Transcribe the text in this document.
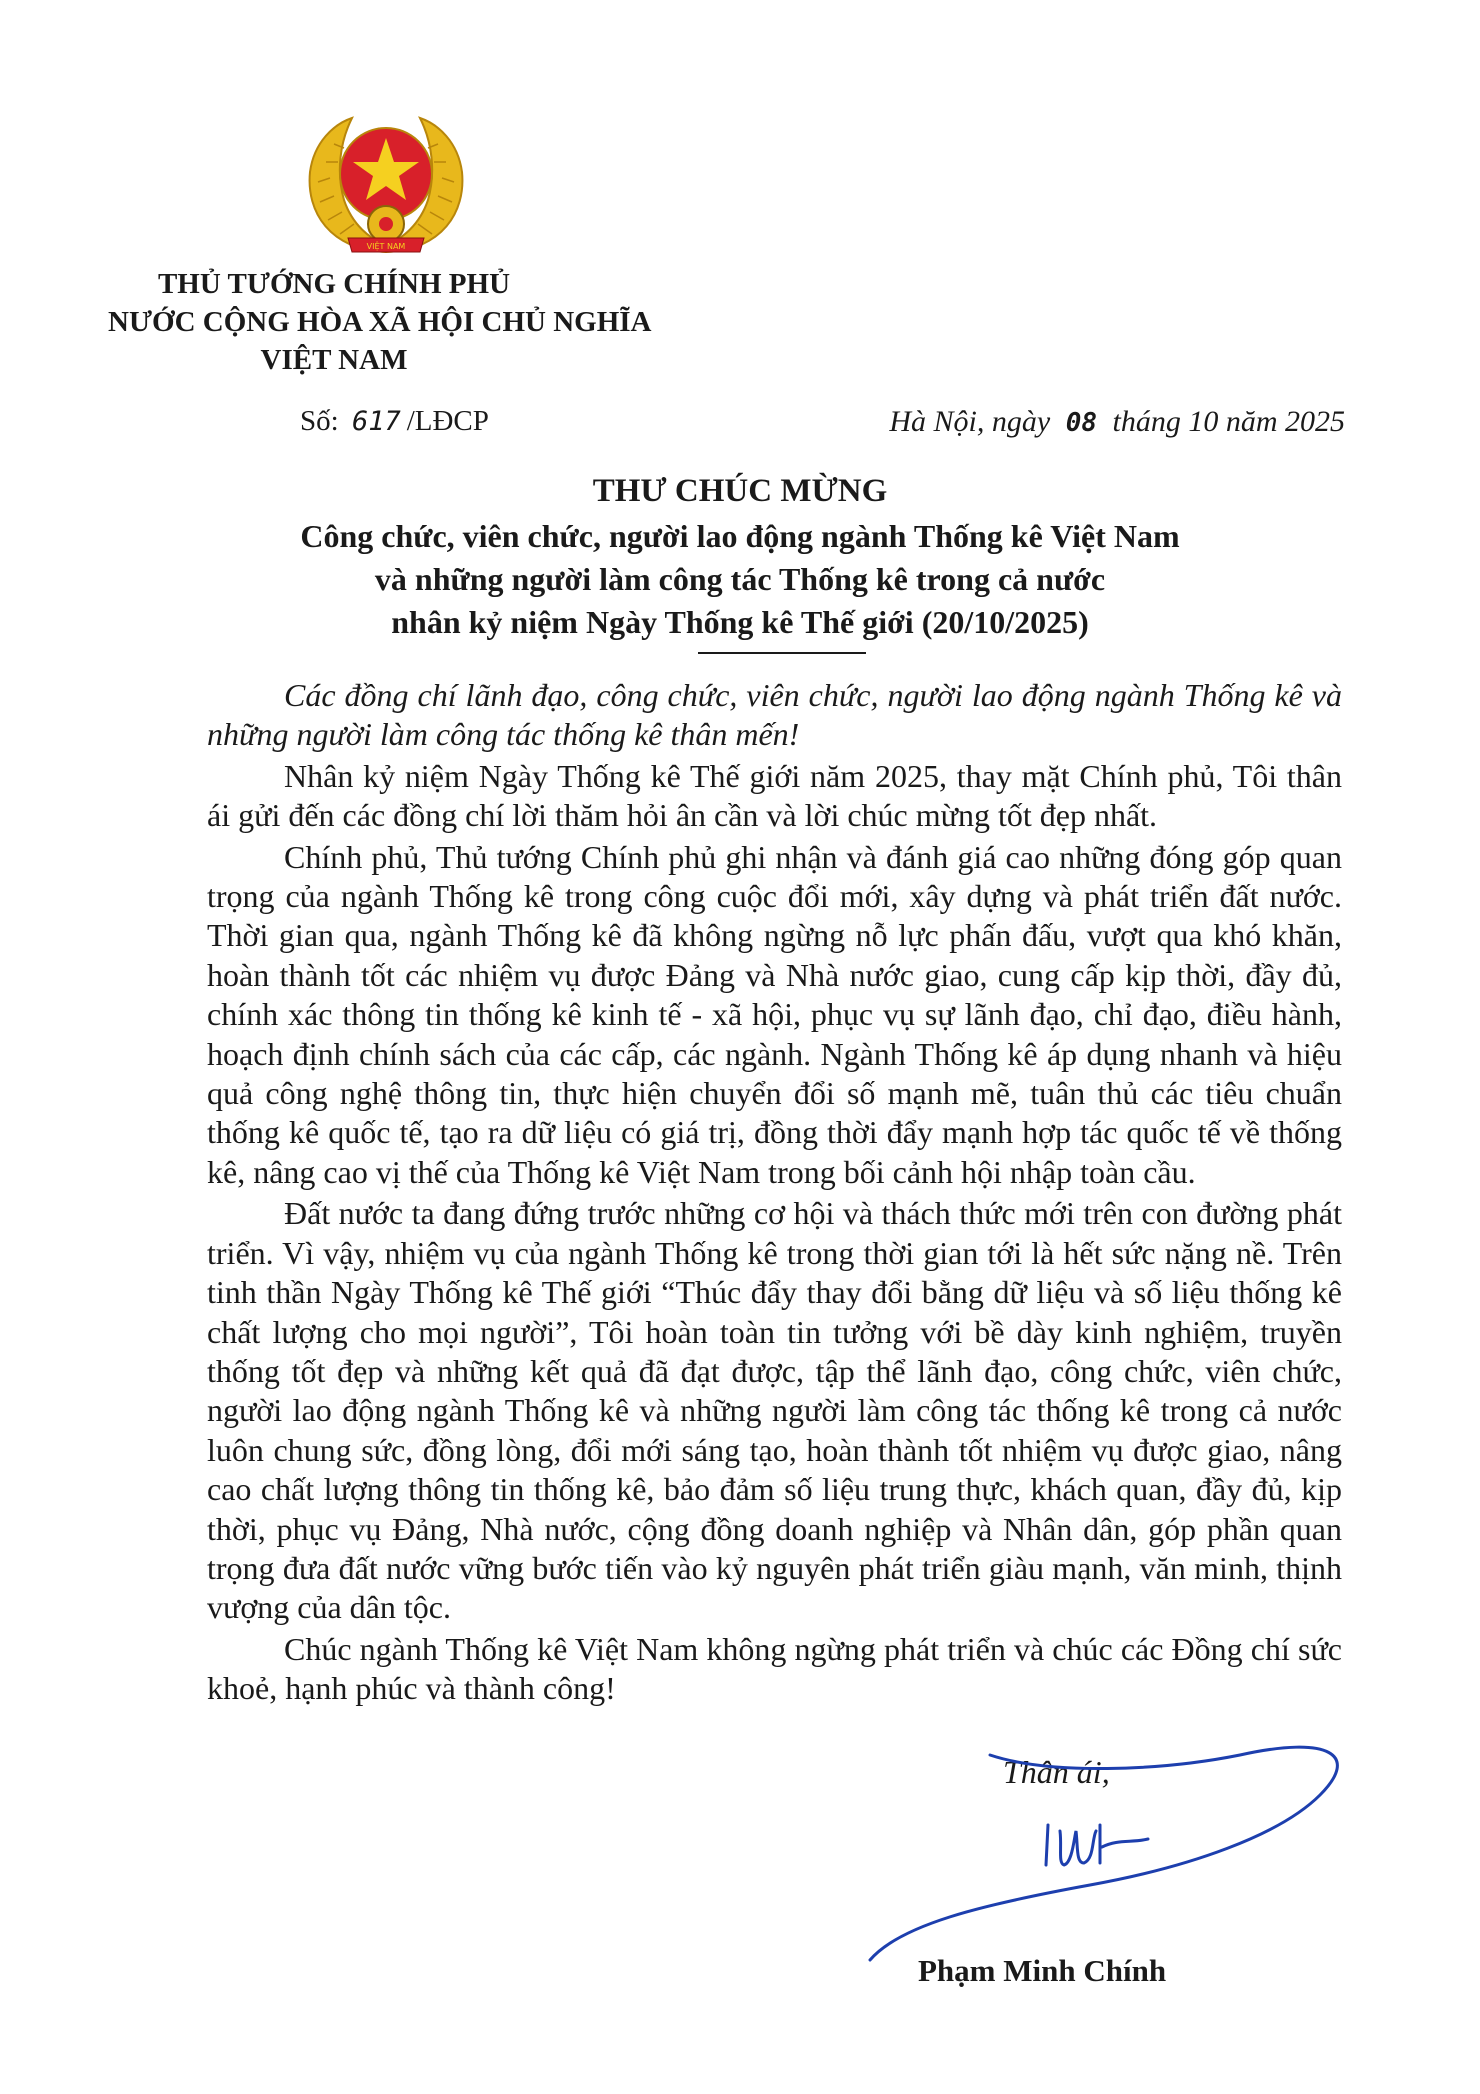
VIỆT NAM
THỦ TƯỚNG CHÍNH PHỦ
NƯỚC CỘNG HÒA XÃ HỘI CHỦ NGHĨA
VIỆT NAM
Số: 617 /LĐCP	Hà Nội, ngày 08 tháng 10 năm 2025
THƯ CHÚC MỪNG
Công chức, viên chức, người lao động ngành Thống kê Việt Nam
và những người làm công tác Thống kê trong cả nước
nhân kỷ niệm Ngày Thống kê Thế giới (20/10/2025)

Các đồng chí lãnh đạo, công chức, viên chức, người lao động ngành Thống kê và những người làm công tác thống kê thân mến!

Nhân kỷ niệm Ngày Thống kê Thế giới năm 2025, thay mặt Chính phủ, Tôi thân ái gửi đến các đồng chí lời thăm hỏi ân cần và lời chúc mừng tốt đẹp nhất.

Chính phủ, Thủ tướng Chính phủ ghi nhận và đánh giá cao những đóng góp quan trọng của ngành Thống kê trong công cuộc đổi mới, xây dựng và phát triển đất nước. Thời gian qua, ngành Thống kê đã không ngừng nỗ lực phấn đấu, vượt qua khó khăn, hoàn thành tốt các nhiệm vụ được Đảng và Nhà nước giao, cung cấp kịp thời, đầy đủ, chính xác thông tin thống kê kinh tế - xã hội, phục vụ sự lãnh đạo, chỉ đạo, điều hành, hoạch định chính sách của các cấp, các ngành. Ngành Thống kê áp dụng nhanh và hiệu quả công nghệ thông tin, thực hiện chuyển đổi số mạnh mẽ, tuân thủ các tiêu chuẩn thống kê quốc tế, tạo ra dữ liệu có giá trị, đồng thời đẩy mạnh hợp tác quốc tế về thống kê, nâng cao vị thế của Thống kê Việt Nam trong bối cảnh hội nhập toàn cầu.

Đất nước ta đang đứng trước những cơ hội và thách thức mới trên con đường phát triển. Vì vậy, nhiệm vụ của ngành Thống kê trong thời gian tới là hết sức nặng nề. Trên tinh thần Ngày Thống kê Thế giới “Thúc đẩy thay đổi bằng dữ liệu và số liệu thống kê chất lượng cho mọi người”, Tôi hoàn toàn tin tưởng với bề dày kinh nghiệm, truyền thống tốt đẹp và những kết quả đã đạt được, tập thể lãnh đạo, công chức, viên chức, người lao động ngành Thống kê và những người làm công tác thống kê trong cả nước luôn chung sức, đồng lòng, đổi mới sáng tạo, hoàn thành tốt nhiệm vụ được giao, nâng cao chất lượng thông tin thống kê, bảo đảm số liệu trung thực, khách quan, đầy đủ, kịp thời, phục vụ Đảng, Nhà nước, cộng đồng doanh nghiệp và Nhân dân, góp phần quan trọng đưa đất nước vững bước tiến vào kỷ nguyên phát triển giàu mạnh, văn minh, thịnh vượng của dân tộc.

Chúc ngành Thống kê Việt Nam không ngừng phát triển và chúc các Đồng chí sức khoẻ, hạnh phúc và thành công!

Thân ái,
Phạm Minh Chính
